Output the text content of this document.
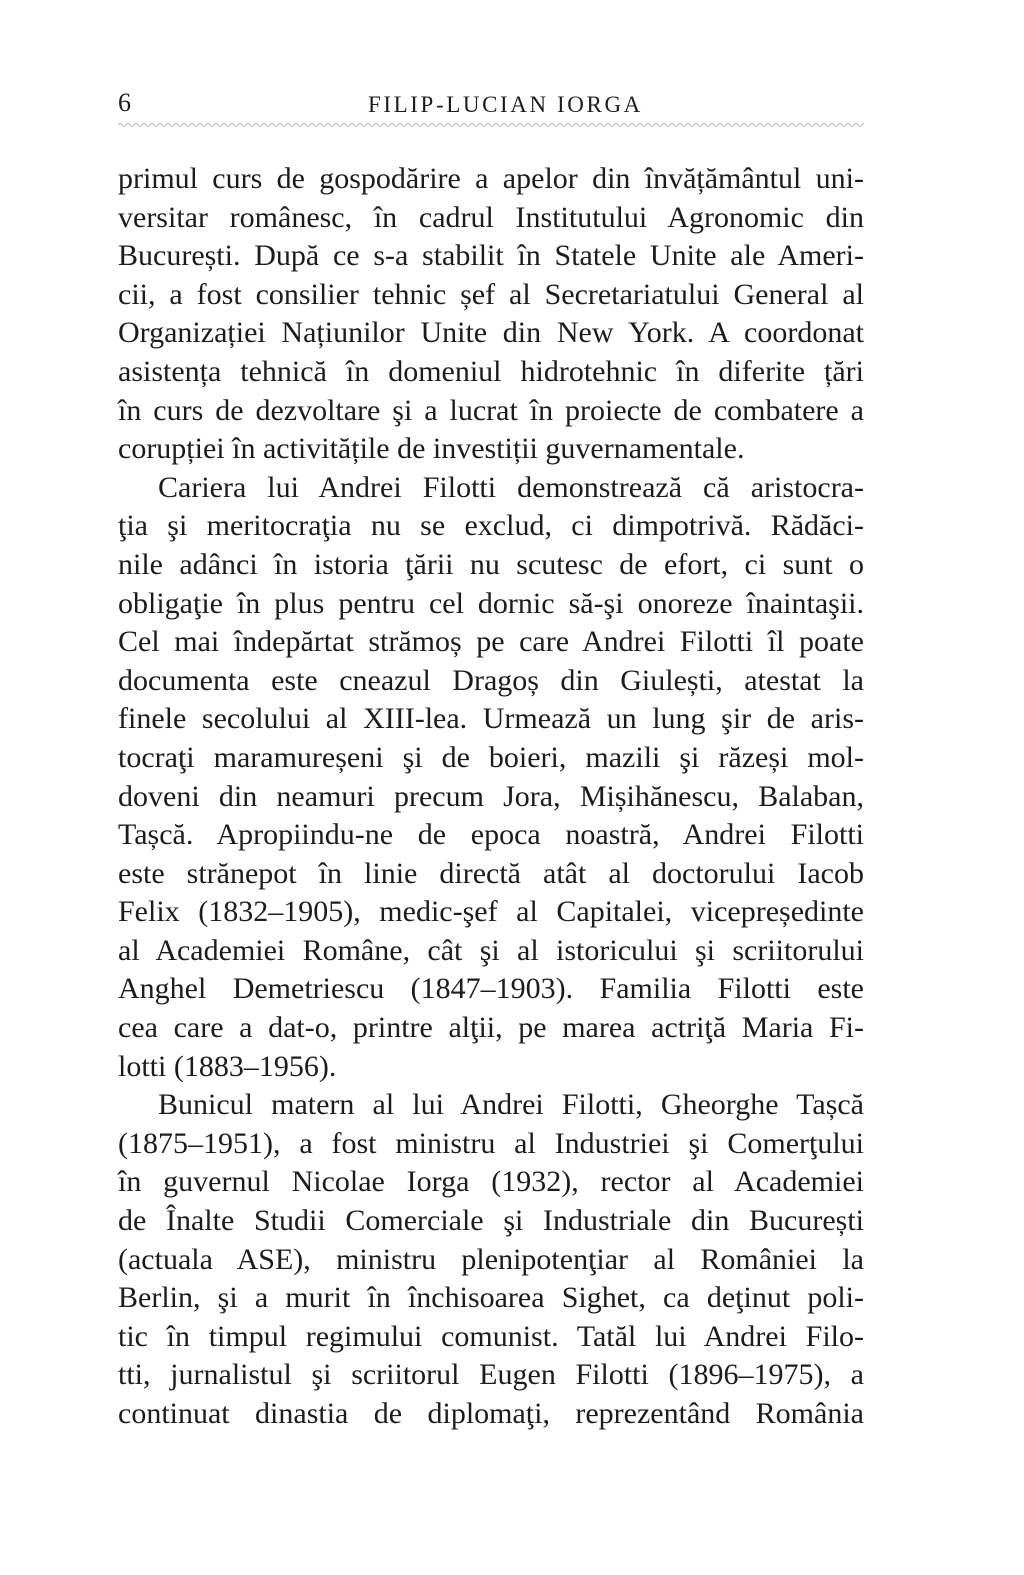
6	FILIP-LUCIAN IORGA

primul curs de gospodărire a apelor din învățământul uni-
versitar românesc, în cadrul Institutului Agronomic din
București. După ce s-a stabilit în Statele Unite ale Ameri-
cii, a fost consilier tehnic șef al Secretariatului General al
Organizației Națiunilor Unite din New York. A coordonat
asistența tehnică în domeniul hidrotehnic în diferite țări
în curs de dezvoltare şi a lucrat în proiecte de combatere a
corupției în activitățile de investiții guvernamentale.

Cariera lui Andrei Filotti demonstrează că aristocra-
ţia şi meritocraţia nu se exclud, ci dimpotrivă. Rădăci-
nile adânci în istoria ţării nu scutesc de efort, ci sunt o
obligaţie în plus pentru cel dornic să-şi onoreze înaintaşii.
Cel mai îndepărtat strămoș pe care Andrei Filotti îl poate
documenta este cneazul Dragoș din Giulești, atestat la
finele secolului al XIII-lea. Urmează un lung şir de aris-
tocraţi maramureșeni şi de boieri, mazili şi răzeși mol-
doveni din neamuri precum Jora, Mișihănescu, Balaban,
Tașcă. Apropiindu-ne de epoca noastră, Andrei Filotti
este strănepot în linie directă atât al doctorului Iacob
Felix (1832–1905), medic-şef al Capitalei, vicepreședinte
al Academiei Române, cât şi al istoricului şi scriitorului
Anghel Demetriescu (1847–1903). Familia Filotti este
cea care a dat-o, printre alţii, pe marea actriţă Maria Fi-
lotti (1883–1956).

Bunicul matern al lui Andrei Filotti, Gheorghe Tașcă
(1875–1951), a fost ministru al Industriei şi Comerţului
în guvernul Nicolae Iorga (1932), rector al Academiei
de Înalte Studii Comerciale şi Industriale din București
(actuala ASE), ministru plenipotenţiar al României la
Berlin, şi a murit în închisoarea Sighet, ca deţinut poli-
tic în timpul regimului comunist. Tatăl lui Andrei Filo-
tti, jurnalistul şi scriitorul Eugen Filotti (1896–1975), a
continuat dinastia de diplomaţi, reprezentând România
